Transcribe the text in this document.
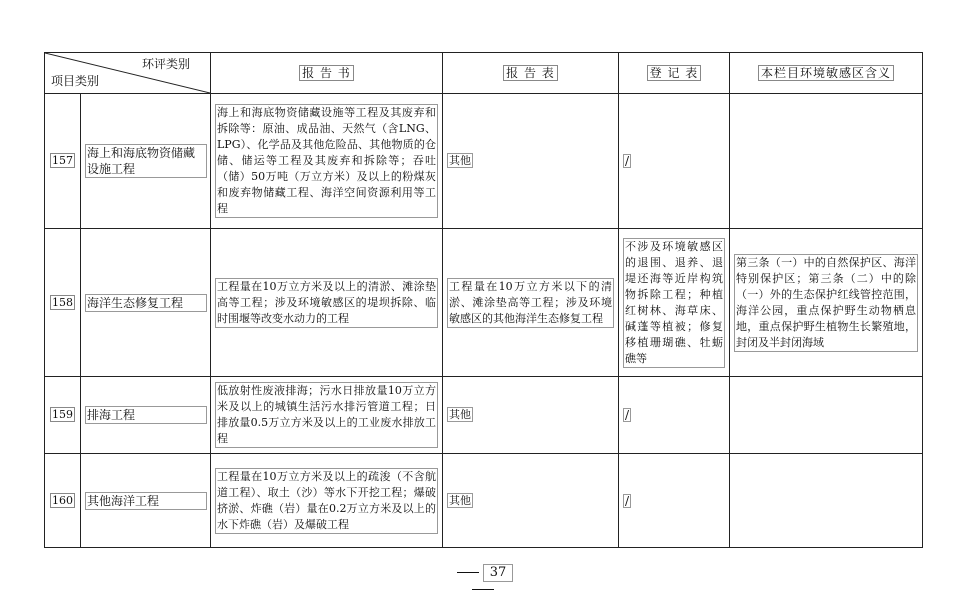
环评类别
项目类别		报 告 书	报 告 表	登 记 表	本栏目环境敏感区含义
157	海上和海底物资储藏设施工程	海上和海底物资储藏设施等工程及其废弃和拆除等：原油、成品油、天然气（含LNG、LPG）、化学品及其他危险品、其他物质的仓储、储运等工程及其废弃和拆除等；吞吐（储）50万吨（万立方米）及以上的粉煤灰和废弃物储藏工程、海洋空间资源利用等工程	其他	/	
158	海洋生态修复工程	工程量在10万立方米及以上的清淤、滩涂垫高等工程；涉及环境敏感区的堤坝拆除、临时围堰等改变水动力的工程	工程量在10万立方米以下的清淤、滩涂垫高等工程；涉及环境敏感区的其他海洋生态修复工程	不涉及环境敏感区的退围、退养、退堤还海等近岸构筑物拆除工程；种植红树林、海草床、碱蓬等植被；修复移植珊瑚礁、牡蛎礁等	第三条（一）中的自然保护区、海洋特别保护区；第三条（二）中的除（一）外的生态保护红线管控范围，海洋公园，重点保护野生动物栖息地，重点保护野生植物生长繁殖地，封闭及半封闭海域

159	排海工程	低放射性废液排海；污水日排放量10万立方米及以上的城镇生活污水排污管道工程；日排放量0.5万立方米及以上的工业废水排放工程	其他	/	
160	其他海洋工程	工程量在10万立方米及以上的疏浚（不含航道工程）、取土（沙）等水下开挖工程；爆破挤淤、炸礁（岩）量在0.2万立方米及以上的水下炸礁（岩）及爆破工程	其他	/	
37
